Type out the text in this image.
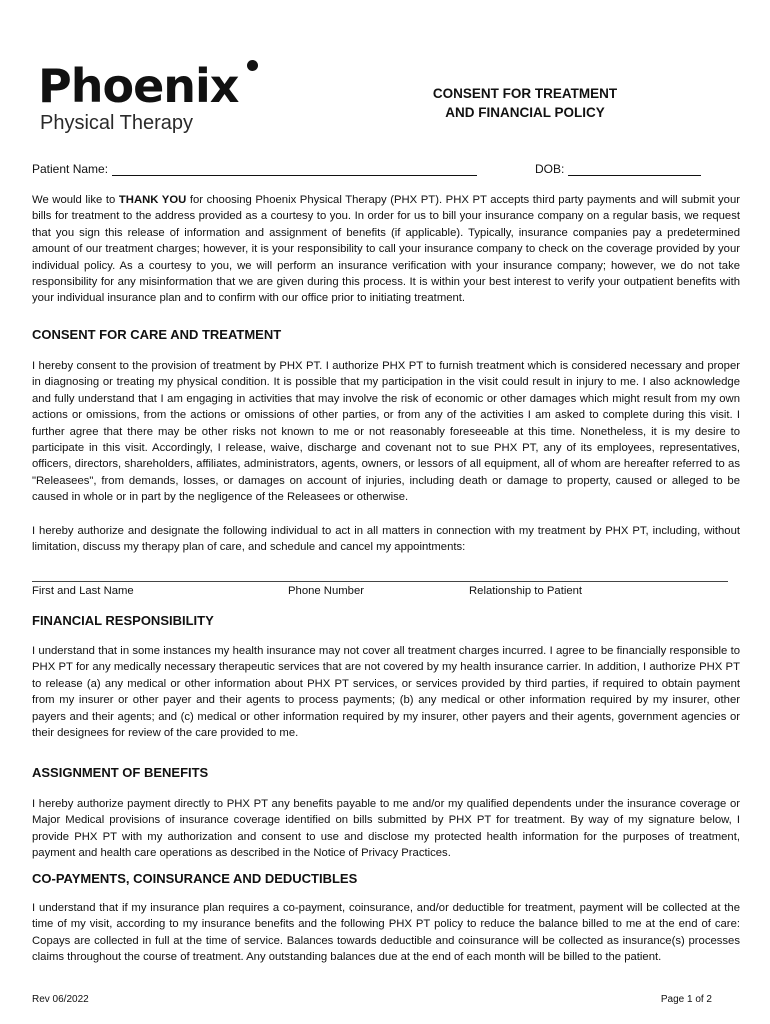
Phoenix
Physical Therapy
CONSENT FOR TREATMENT
AND FINANCIAL POLICY
Patient Name:	DOB:

We would like to THANK YOU for choosing Phoenix Physical Therapy (PHX PT). PHX PT accepts third party payments and will submit your bills for treatment to the address provided as a courtesy to you. In order for us to bill your insurance company on a regular basis, we request that you sign this release of information and assignment of benefits (if applicable). Typically, insurance companies pay a predetermined amount of our treatment charges; however, it is your responsibility to call your insurance company to check on the coverage provided by your individual policy. As a courtesy to you, we will perform an insurance verification with your insurance company; however, we do not take responsibility for any misinformation that we are given during this process. It is within your best interest to verify your outpatient benefits with your individual insurance plan and to confirm with our office prior to initiating treatment.

CONSENT FOR CARE AND TREATMENT

I hereby consent to the provision of treatment by PHX PT. I authorize PHX PT to furnish treatment which is considered necessary and proper in diagnosing or treating my physical condition. It is possible that my participation in the visit could result in injury to me. I also acknowledge and fully understand that I am engaging in activities that may involve the risk of economic or other damages which might result from my own actions or omissions, from the actions or omissions of other parties, or from any of the activities I am asked to complete during this visit. I further agree that there may be other risks not known to me or not reasonably foreseeable at this time. Nonetheless, it is my desire to participate in this visit. Accordingly, I release, waive, discharge and covenant not to sue PHX PT, any of its employees, representatives, officers, directors, shareholders, affiliates, administrators, agents, owners, or lessors of all equipment, all of whom are hereafter referred to as "Releasees", from demands, losses, or damages on account of injuries, including death or damage to property, caused or alleged to be caused in whole or in part by the negligence of the Releasees or otherwise.

I hereby authorize and designate the following individual to act in all matters in connection with my treatment by PHX PT, including, without limitation, discuss my therapy plan of care, and schedule and cancel my appointments:

First and Last Name	Phone Number	Relationship to Patient
FINANCIAL RESPONSIBILITY

I understand that in some instances my health insurance may not cover all treatment charges incurred. I agree to be financially responsible to PHX PT for any medically necessary therapeutic services that are not covered by my health insurance carrier. In addition, I authorize PHX PT to release (a) any medical or other information about PHX PT services, or services provided by third parties, if required to obtain payment from my insurer or other payer and their agents to process payments; (b) any medical or other information required by my insurer, other payers and their agents; and (c) medical or other information required by my insurer, other payers and their agents, government agencies or their designees for review of the care provided to me.

ASSIGNMENT OF BENEFITS

I hereby authorize payment directly to PHX PT any benefits payable to me and/or my qualified dependents under the insurance coverage or Major Medical provisions of insurance coverage identified on bills submitted by PHX PT for treatment. By way of my signature below, I provide PHX PT with my authorization and consent to use and disclose my protected health information for the purposes of treatment, payment and health care operations as described in the Notice of Privacy Practices.

CO-PAYMENTS, COINSURANCE AND DEDUCTIBLES

I understand that if my insurance plan requires a co-payment, coinsurance, and/or deductible for treatment, payment will be collected at the time of my visit, according to my insurance benefits and the following PHX PT policy to reduce the balance billed to me at the end of care: Copays are collected in full at the time of service. Balances towards deductible and coinsurance will be collected as insurance(s) processes claims throughout the course of treatment. Any outstanding balances due at the end of each month will be billed to the patient.

Rev 06/2022	Page 1 of 2
